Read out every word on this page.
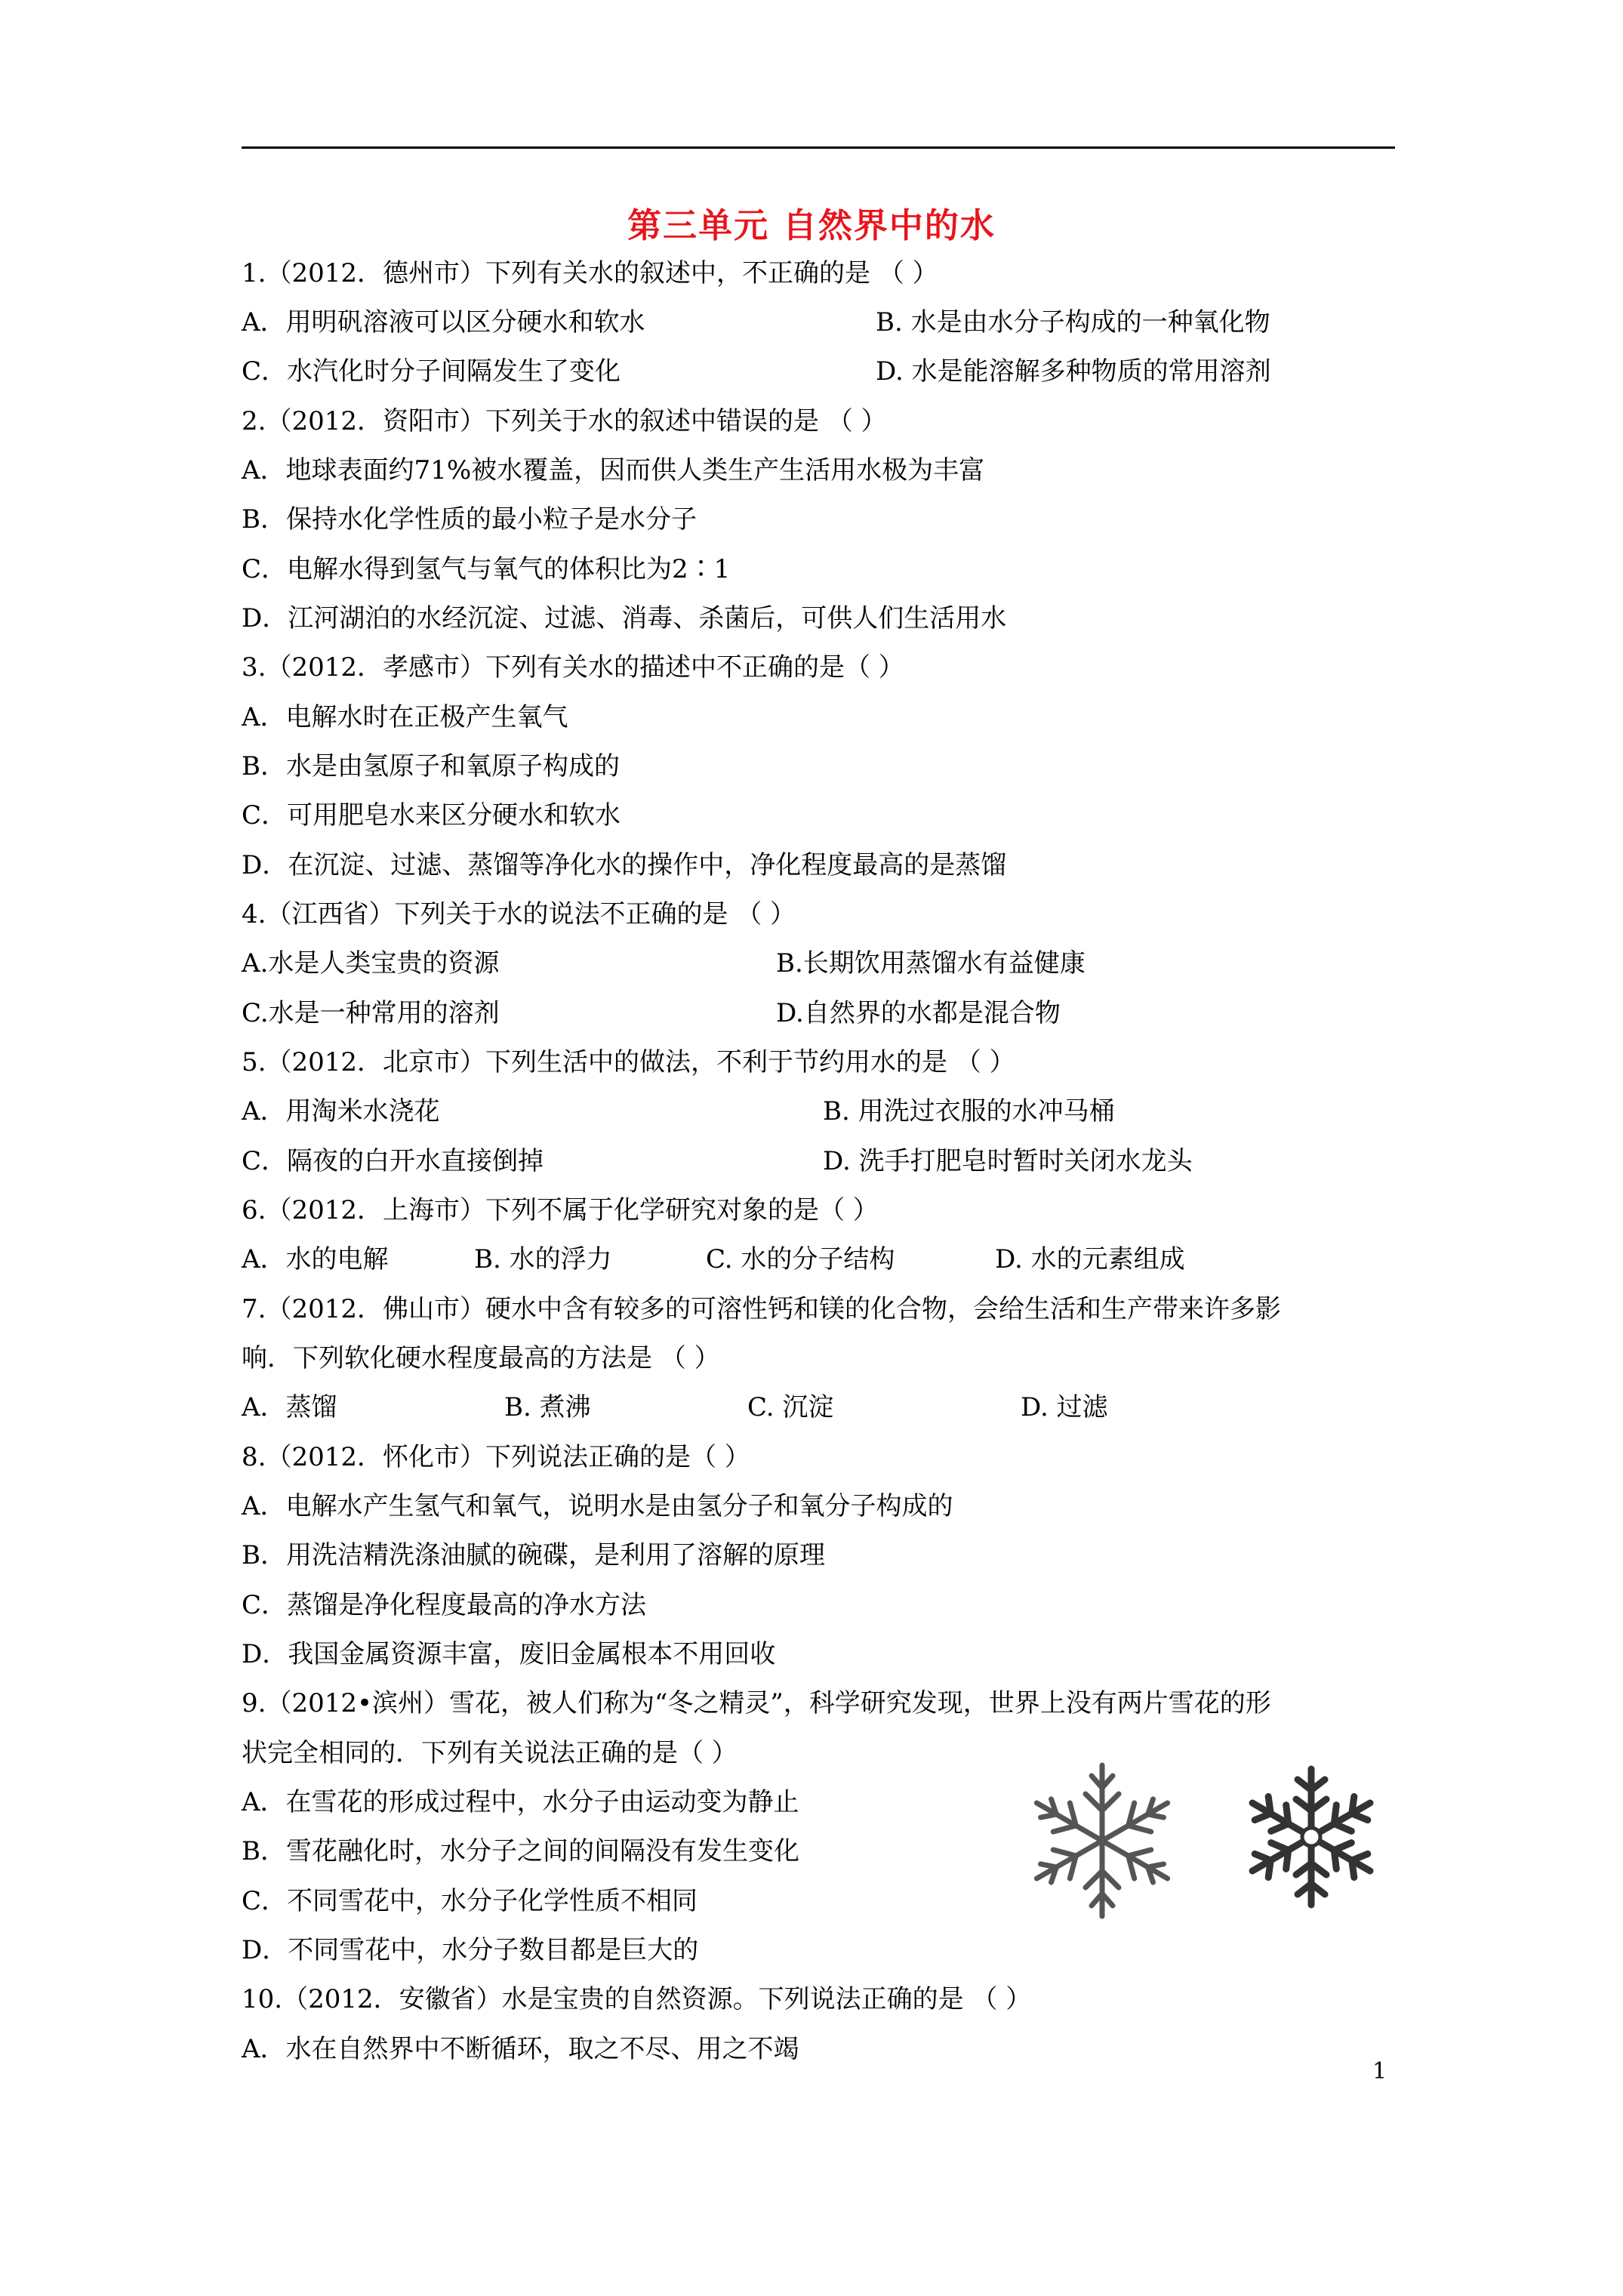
第三单元 自然界中的水
1.（2012．德州市）下列有关水的叙述中，不正确的是 （ ）
A．用明矾溶液可以区分硬水和软水	B. 水是由水分子构成的一种氧化物
C．水汽化时分子间隔发生了变化	D. 水是能溶解多种物质的常用溶剂
2.（2012．资阳市）下列关于水的叙述中错误的是 （ ）
A．地球表面约71%被水覆盖，因而供人类生产生活用水极为丰富
B．保持水化学性质的最小粒子是水分子
C．电解水得到氢气与氧气的体积比为2∶1
D．江河湖泊的水经沉淀、过滤、消毒、杀菌后，可供人们生活用水
3.（2012．孝感市）下列有关水的描述中不正确的是（ ）
A．电解水时在正极产生氧气
B．水是由氢原子和氧原子构成的
C．可用肥皂水来区分硬水和软水
D．在沉淀、过滤、蒸馏等净化水的操作中，净化程度最高的是蒸馏
4.（江西省）下列关于水的说法不正确的是 （ ）
A.水是人类宝贵的资源	B.长期饮用蒸馏水有益健康
C.水是一种常用的溶剂	D.自然界的水都是混合物
5.（2012．北京市）下列生活中的做法，不利于节约用水的是 （ ）
A．用淘米水浇花	B. 用洗过衣服的水冲马桶
C．隔夜的白开水直接倒掉	D. 洗手打肥皂时暂时关闭水龙头
6.（2012．上海市）下列不属于化学研究对象的是（ ）
A．水的电解	B. 水的浮力	C. 水的分子结构	D. 水的元素组成
7.（2012．佛山市）硬水中含有较多的可溶性钙和镁的化合物，会给生活和生产带来许多影
响．下列软化硬水程度最高的方法是 （ ）
A．蒸馏	B. 煮沸	C. 沉淀	D. 过滤
8.（2012．怀化市）下列说法正确的是（ ）
A．电解水产生氢气和氧气，说明水是由氢分子和氧分子构成的
B．用洗洁精洗涤油腻的碗碟，是利用了溶解的原理
C．蒸馏是净化程度最高的净水方法
D．我国金属资源丰富，废旧金属根本不用回收
9.（2012•滨州）雪花，被人们称为“冬之精灵”，科学研究发现，世界上没有两片雪花的形
状完全相同的．下列有关说法正确的是（ ）
A．在雪花的形成过程中，水分子由运动变为静止
B．雪花融化时，水分子之间的间隔没有发生变化
C．不同雪花中，水分子化学性质不相同
D．不同雪花中，水分子数目都是巨大的
10.（2012．安徽省）水是宝贵的自然资源。下列说法正确的是 （ ）
A．水在自然界中不断循环，取之不尽、用之不竭
1
